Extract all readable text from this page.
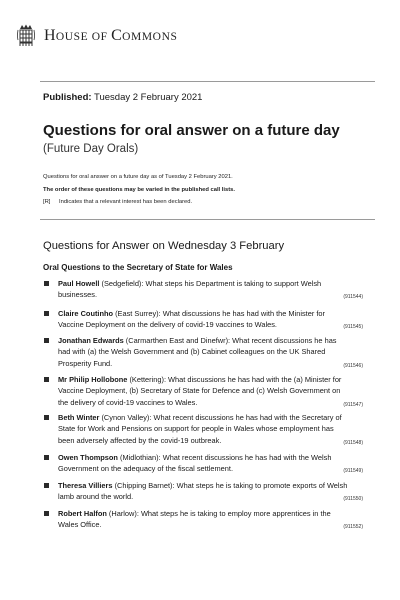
HOUSE OF COMMONS
Published: Tuesday 2 February 2021
Questions for oral answer on a future day
(Future Day Orals)
Questions for oral answer on a future day as of Tuesday 2 February 2021.
The order of these questions may be varied in the published call lists.
[R] Indicates that a relevant interest has been declared.
Questions for Answer on Wednesday 3 February
Oral Questions to the Secretary of State for Wales
Paul Howell (Sedgefield): What steps his Department is taking to support Welsh businesses.	(911544)
Claire Coutinho (East Surrey): What discussions he has had with the Minister for Vaccine Deployment on the delivery of covid-19 vaccines to Wales.	(911545)
Jonathan Edwards (Carmarthen East and Dinefwr): What recent discussions he has had with (a) the Welsh Government and (b) Cabinet colleagues on the UK Shared Prosperity Fund.	(911546)
Mr Philip Hollobone (Kettering): What discussions he has had with the (a) Minister for Vaccine Deployment, (b) Secretary of State for Defence and (c) Welsh Government on the delivery of covid-19 vaccines to Wales.	(911547)
Beth Winter (Cynon Valley): What recent discussions he has had with the Secretary of State for Work and Pensions on support for people in Wales whose employment has been adversely affected by the covid-19 outbreak.	(911548)
Owen Thompson (Midlothian): What recent discussions he has had with the Welsh Government on the adequacy of the fiscal settlement.	(911549)
Theresa Villiers (Chipping Barnet): What steps he is taking to promote exports of Welsh lamb around the world.	(911550)
Robert Halfon (Harlow): What steps he is taking to employ more apprentices in the Wales Office.	(911552)
